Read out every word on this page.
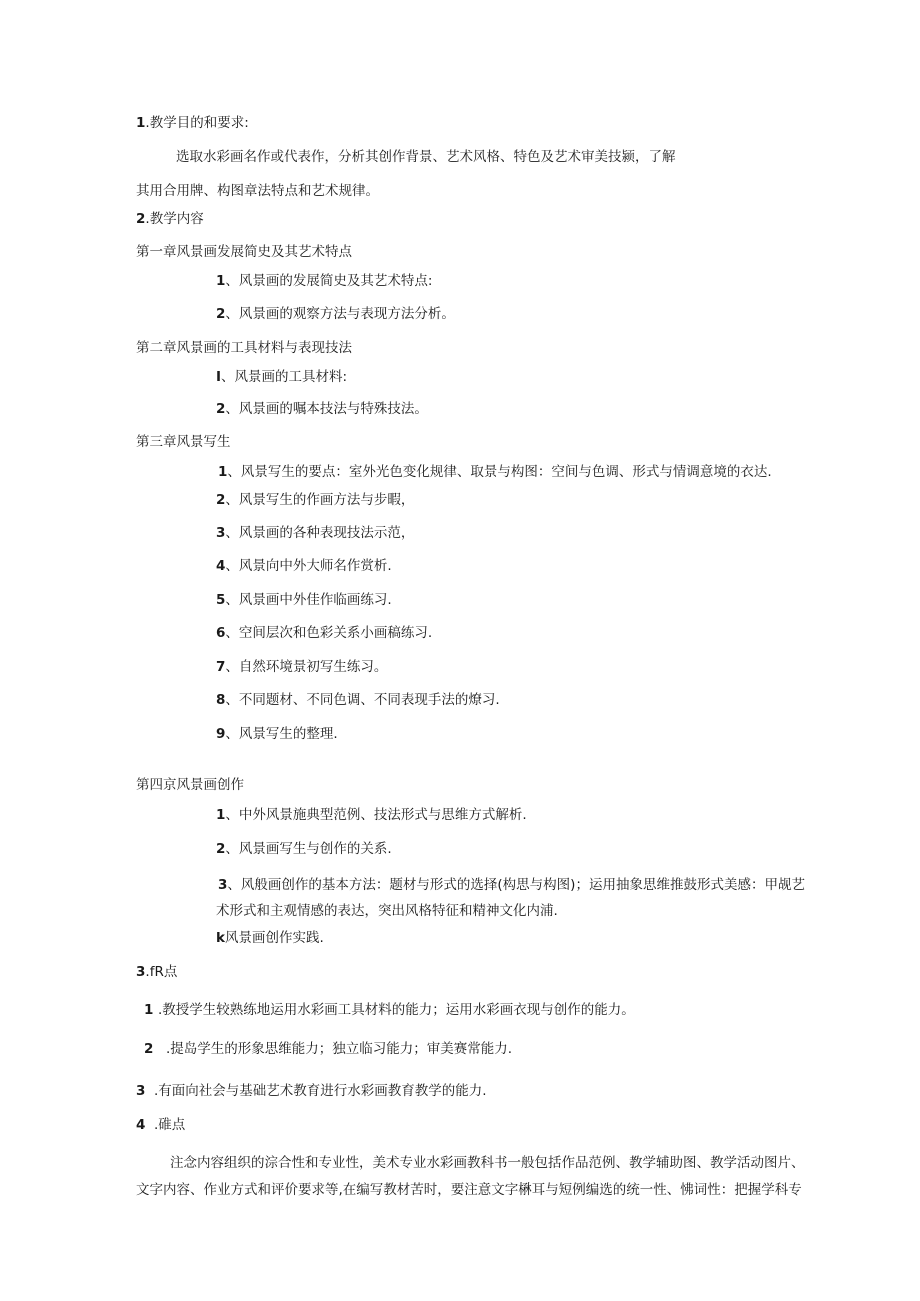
1.教学目的和要求:
选取水彩画名作或代表作，分析其创作背景、艺术风格、特色及艺术审美技颍，了解
其用合用牌、构图章法特点和艺术规律。
2.教学内容
第一章风景画发展简史及其艺术特点
1、风景画的发展简史及其艺术特点:
2、风景画的观察方法与表现方法分析。
第二章风景画的工具材料与表现技法
I、风景画的工具材料:
2、风景画的嘱本技法与特殊技法。
第三章风景写生
1、风景写生的要点：室外光色变化规律、取景与构图：空间与色调、形式与情调意境的衣达.
2、风景写生的作画方法与步暇，
3、风景画的各种表现技法示范，
4、风景向中外大师名作赏析.
5、风景画中外佳作临画练习.
6、空间层次和色彩关系小画稿练习.
7、自然环境景初写生练习。
8、不同题材、不同色调、不同表现手法的燎习.
9、风景写生的整理.
第四京风景画创作
1、中外风景施典型范例、技法形式与思维方式解析.
2、风景画写生与创作的关系.
3、风般画创作的基本方法：题材与形式的选择(构思与构图)；运用抽象思维推鼓形式美感：甲觇艺
术形式和主观情感的表达，突出风格特征和精神文化内浦.
k风景画创作实践.
3.fR点
1 .教授学生较熟练地运用水彩画工具材料的能力；运用水彩画衣现与创作的能力。
2 .提岛学生的形象思维能力；独立临习能力；审美赛常能力.
3 .有面向社会与基础艺术教育进行水彩画教育教学的能力.
4 .碓点
注念内容组织的淙合性和专业性，美术专业水彩画教科书一般包括作品范例、教学辅助图、教学活动图片、
文字内容、作业方式和评价要求等,在编写教材苦时，要注意文字楙耳与短例编选的统一性、怫词性：把握学科专
